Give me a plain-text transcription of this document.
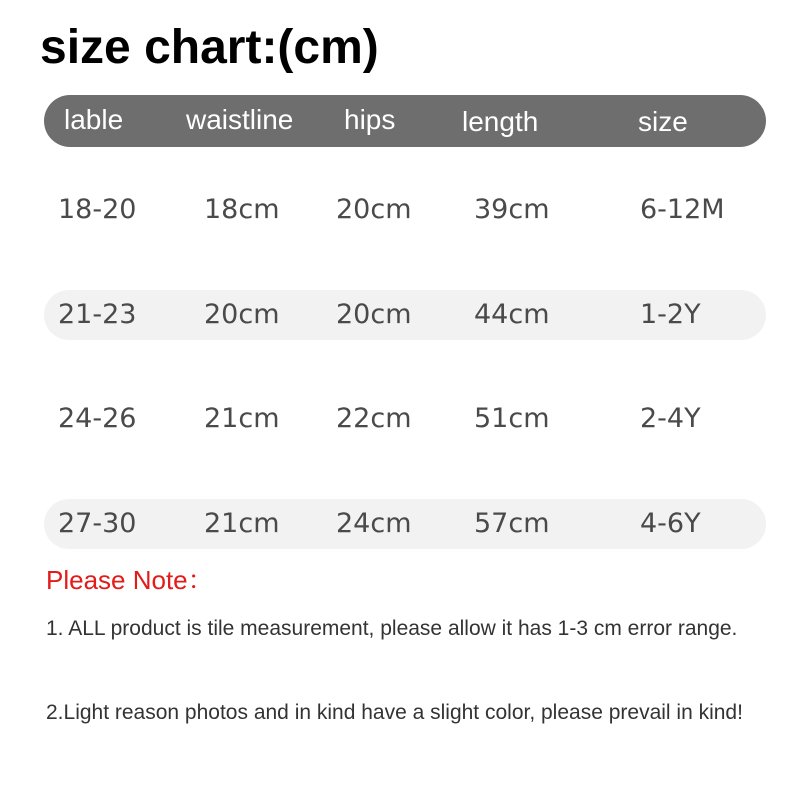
size chart:(cm)
lable waistline hips length	size
18-20	18cm 20cm 39cm	6-12M
21-23	20cm 20cm 44cm	1-2Y
24-26	21cm 22cm 51cm	2-4Y
27-30	21cm 24cm 57cm	4-6Y
Please Note：
1. ALL product is tile measurement, please allow it has 1-3 cm error range.
2.Light reason photos and in kind have a slight color, please prevail in kind!
